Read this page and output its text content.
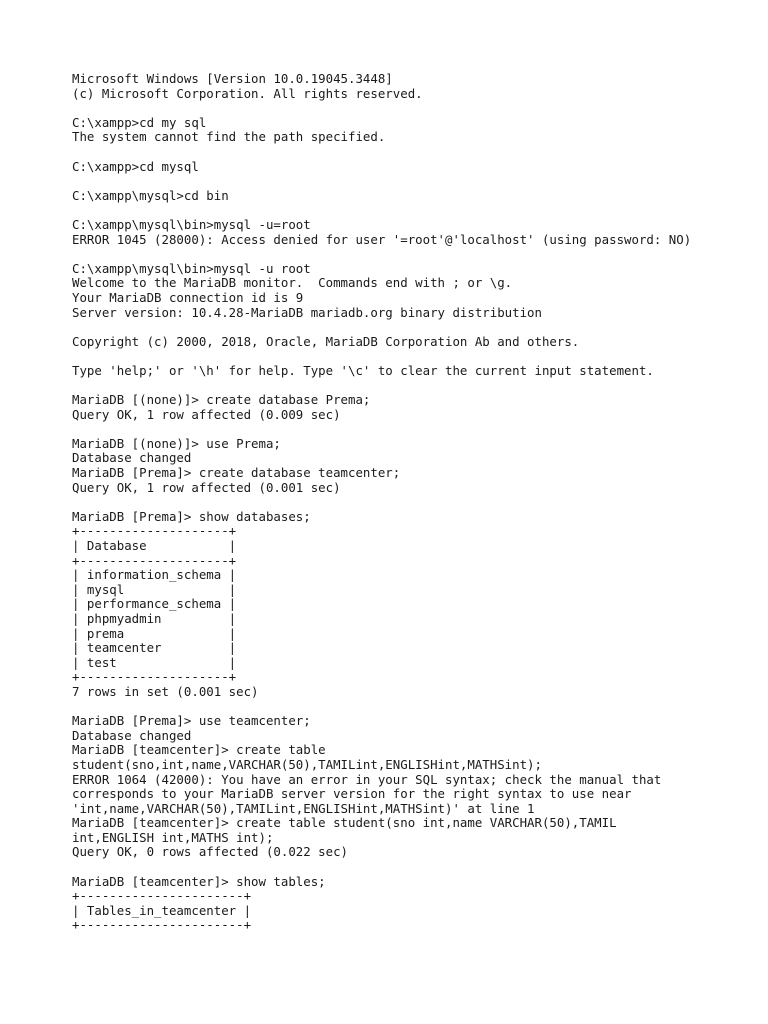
Microsoft Windows [Version 10.0.19045.3448]
(c) Microsoft Corporation. All rights reserved.
C:\xampp>cd my sql
The system cannot find the path specified.
C:\xampp>cd mysql
C:\xampp\mysql>cd bin
C:\xampp\mysql\bin>mysql -u=root
ERROR 1045 (28000): Access denied for user '=root'@'localhost' (using password: NO)
C:\xampp\mysql\bin>mysql -u root
Welcome to the MariaDB monitor.  Commands end with ; or \g.
Your MariaDB connection id is 9
Server version: 10.4.28-MariaDB mariadb.org binary distribution
Copyright (c) 2000, 2018, Oracle, MariaDB Corporation Ab and others.
Type 'help;' or '\h' for help. Type '\c' to clear the current input statement.
MariaDB [(none)]> create database Prema;
Query OK, 1 row affected (0.009 sec)
MariaDB [(none)]> use Prema;
Database changed
MariaDB [Prema]> create database teamcenter;
Query OK, 1 row affected (0.001 sec)
MariaDB [Prema]> show databases;
+--------------------+
| Database           |
+--------------------+
| information_schema |
| mysql              |
| performance_schema |
| phpmyadmin         |
| prema              |
| teamcenter         |
| test               |
+--------------------+
7 rows in set (0.001 sec)
MariaDB [Prema]> use teamcenter;
Database changed
MariaDB [teamcenter]> create table
student(sno,int,name,VARCHAR(50),TAMILint,ENGLISHint,MATHSint);
ERROR 1064 (42000): You have an error in your SQL syntax; check the manual that
corresponds to your MariaDB server version for the right syntax to use near
'int,name,VARCHAR(50),TAMILint,ENGLISHint,MATHSint)' at line 1
MariaDB [teamcenter]> create table student(sno int,name VARCHAR(50),TAMIL
int,ENGLISH int,MATHS int);
Query OK, 0 rows affected (0.022 sec)
MariaDB [teamcenter]> show tables;
+----------------------+
| Tables_in_teamcenter |
+----------------------+
